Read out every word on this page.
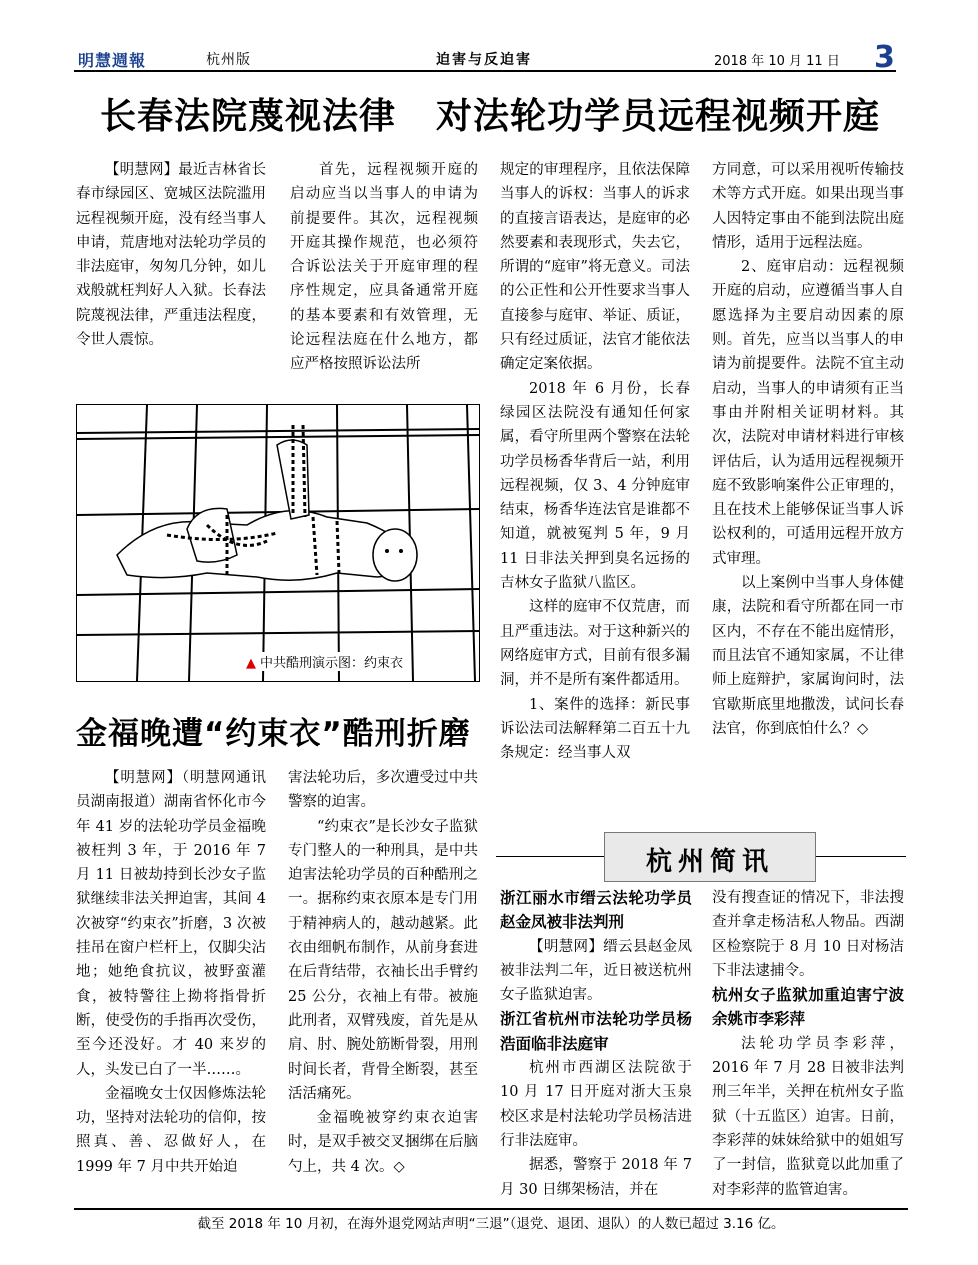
明慧週報	杭州版	迫害与反迫害	2018 年 10 月 11 日 3
长春法院蔑视法律 对法轮功学员远程视频开庭

【明慧网】最近吉林省长春市绿园区、宽城区法院滥用远程视频开庭，没有经当事人申请，荒唐地对法轮功学员的非法庭审，匆匆几分钟，如儿戏般就枉判好人入狱。长春法院蔑视法律，严重违法程度，令世人震惊。

首先，远程视频开庭的启动应当以当事人的申请为前提要件。其次，远程视频开庭其操作规范，也必须符合诉讼法关于开庭审理的程序性规定，应具备通常开庭的基本要素和有效管理，无论远程法庭在什么地方，都应严格按照诉讼法所

规定的审理程序，且依法保障当事人的诉权：当事人的诉求的直接言语表达，是庭审的必然要素和表现形式，失去它，所谓的“庭审”将无意义。司法的公正性和公开性要求当事人直接参与庭审、举证、质证，只有经过质证，法官才能依法确定定案依据。

2018 年 6 月份，长春绿园区法院没有通知任何家属，看守所里两个警察在法轮功学员杨香华背后一站，利用远程视频，仅 3、4 分钟庭审结束，杨香华连法官是谁都不知道，就被冤判 5 年，9 月 11 日非法关押到臭名远扬的吉林女子监狱八监区。

这样的庭审不仅荒唐，而且严重违法。对于这种新兴的网络庭审方式，目前有很多漏洞，并不是所有案件都适用。

1、案件的选择：新民事诉讼法司法解释第二百五十九条规定：经当事人双

方同意，可以采用视听传输技术等方式开庭。如果出现当事人因特定事由不能到法院出庭情形，适用于远程法庭。

2、庭审启动：远程视频开庭的启动，应遵循当事人自愿选择为主要启动因素的原则。首先，应当以当事人的申请为前提要件。法院不宜主动启动，当事人的申请须有正当事由并附相关证明材料。其次，法院对申请材料进行审核评估后，认为适用远程视频开庭不致影响案件公正审理的，且在技术上能够保证当事人诉讼权利的，可适用远程开放方式审理。

以上案例中当事人身体健康，法院和看守所都在同一市区内，不存在不能出庭情形，而且法官不通知家属，不让律师上庭辩护，家属询问时，法官歇斯底里地撒泼，试问长春法官，你到底怕什么？◇

▲ 中共酷刑演示图：约束衣
金福晚遭“约束衣”酷刑折磨

【明慧网】（明慧网通讯员湖南报道）湖南省怀化市今年 41 岁的法轮功学员金福晚被枉判 3 年，于 2016 年 7 月 11 日被劫持到长沙女子监狱继续非法关押迫害，其间 4 次被穿“约束衣”折磨，3 次被挂吊在窗户栏杆上，仅脚尖沾地；她绝食抗议，被野蛮灌食，被特警往上拗将指骨折断，使受伤的手指再次受伤，至今还没好。才 40 来岁的人，头发已白了一半……。

金福晚女士仅因修炼法轮功，坚持对法轮功的信仰，按照真、善、忍做好人，在 1999 年 7 月中共开始迫

害法轮功后，多次遭受过中共警察的迫害。

“约束衣”是长沙女子监狱专门整人的一种刑具，是中共迫害法轮功学员的百种酷刑之一。据称约束衣原本是专门用于精神病人的，越动越紧。此衣由细帆布制作，从前身套进在后背结带，衣袖长出手臂约 25 公分，衣袖上有带。被施此刑者，双臂残废，首先是从肩、肘、腕处筋断骨裂，用刑时间长者，背骨全断裂，甚至活活痛死。

金福晚被穿约束衣迫害时，是双手被交叉捆绑在后脑勺上，共 4 次。◇

杭州简讯

浙江丽水市缙云法轮功学员赵金凤被非法判刑

【明慧网】缙云县赵金凤被非法判二年，近日被送杭州女子监狱迫害。

浙江省杭州市法轮功学员杨浩面临非法庭审

杭州市西湖区法院欲于 10 月 17 日开庭对浙大玉泉校区求是村法轮功学员杨洁进行非法庭审。

据悉，警察于 2018 年 7 月 30 日绑架杨洁，并在

没有搜查证的情况下，非法搜查并拿走杨洁私人物品。西湖区检察院于 8 月 10 日对杨洁下非法逮捕令。

杭州女子监狱加重迫害宁波余姚市李彩萍

法轮功学员李彩萍，2016 年 7 月 28 日被非法判刑三年半，关押在杭州女子监狱（十五监区）迫害。日前，李彩萍的妹妹给狱中的姐姐写了一封信，监狱竟以此加重了对李彩萍的监管迫害。

截至 2018 年 10 月初，在海外退党网站声明“三退”（退党、退团、退队）的人数已超过 3.16 亿。
